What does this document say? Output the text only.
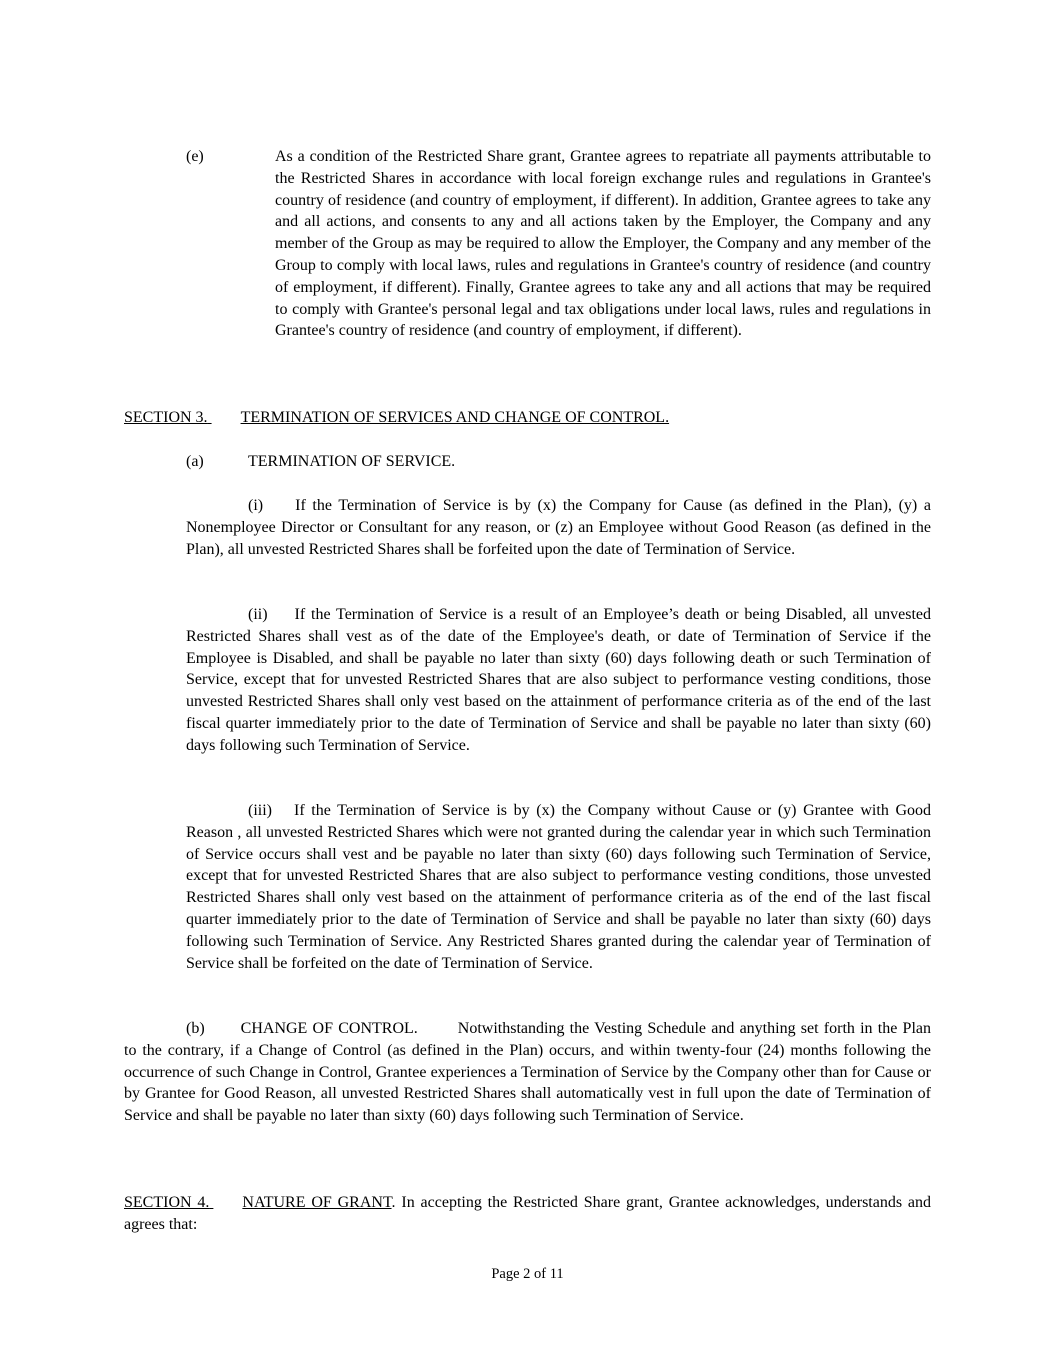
(e)	As a condition of the Restricted Share grant, Grantee agrees to repatriate all payments attributable to the Restricted Shares in accordance with local foreign exchange rules and regulations in Grantee's country of residence (and country of employment, if different). In addition, Grantee agrees to take any and all actions, and consents to any and all actions taken by the Employer, the Company and any member of the Group as may be required to allow the Employer, the Company and any member of the Group to comply with local laws, rules and regulations in Grantee's country of residence (and country of employment, if different). Finally, Grantee agrees to take any and all actions that may be required to comply with Grantee's personal legal and tax obligations under local laws, rules and regulations in Grantee's country of residence (and country of employment, if different).
SECTION 3. TERMINATION OF SERVICES AND CHANGE OF CONTROL.
(a)	TERMINATION OF SERVICE.
(i) If the Termination of Service is by (x) the Company for Cause (as defined in the Plan), (y) a Nonemployee Director or Consultant for any reason, or (z) an Employee without Good Reason (as defined in the Plan), all unvested Restricted Shares shall be forfeited upon the date of Termination of Service.
(ii) If the Termination of Service is a result of an Employee’s death or being Disabled, all unvested Restricted Shares shall vest as of the date of the Employee's death, or date of Termination of Service if the Employee is Disabled, and shall be payable no later than sixty (60) days following death or such Termination of Service, except that for unvested Restricted Shares that are also subject to performance vesting conditions, those unvested Restricted Shares shall only vest based on the attainment of performance criteria as of the end of the last fiscal quarter immediately prior to the date of Termination of Service and shall be payable no later than sixty (60) days following such Termination of Service.
(iii) If the Termination of Service is by (x) the Company without Cause or (y) Grantee with Good Reason , all unvested Restricted Shares which were not granted during the calendar year in which such Termination of Service occurs shall vest and be payable no later than sixty (60) days following such Termination of Service, except that for unvested Restricted Shares that are also subject to performance vesting conditions, those unvested Restricted Shares shall only vest based on the attainment of performance criteria as of the end of the last fiscal quarter immediately prior to the date of Termination of Service and shall be payable no later than sixty (60) days following such Termination of Service. Any Restricted Shares granted during the calendar year of Termination of Service shall be forfeited on the date of Termination of Service.
(b) CHANGE OF CONTROL.	Notwithstanding the Vesting Schedule and anything set forth in the Plan to the contrary, if a Change of Control (as defined in the Plan) occurs, and within twenty-four (24) months following the occurrence of such Change in Control, Grantee experiences a Termination of Service by the Company other than for Cause or by Grantee for Good Reason, all unvested Restricted Shares shall automatically vest in full upon the date of Termination of Service and shall be payable no later than sixty (60) days following such Termination of Service.
SECTION 4. NATURE OF GRANT. In accepting the Restricted Share grant, Grantee acknowledges, understands and agrees that:
Page 2 of 11
